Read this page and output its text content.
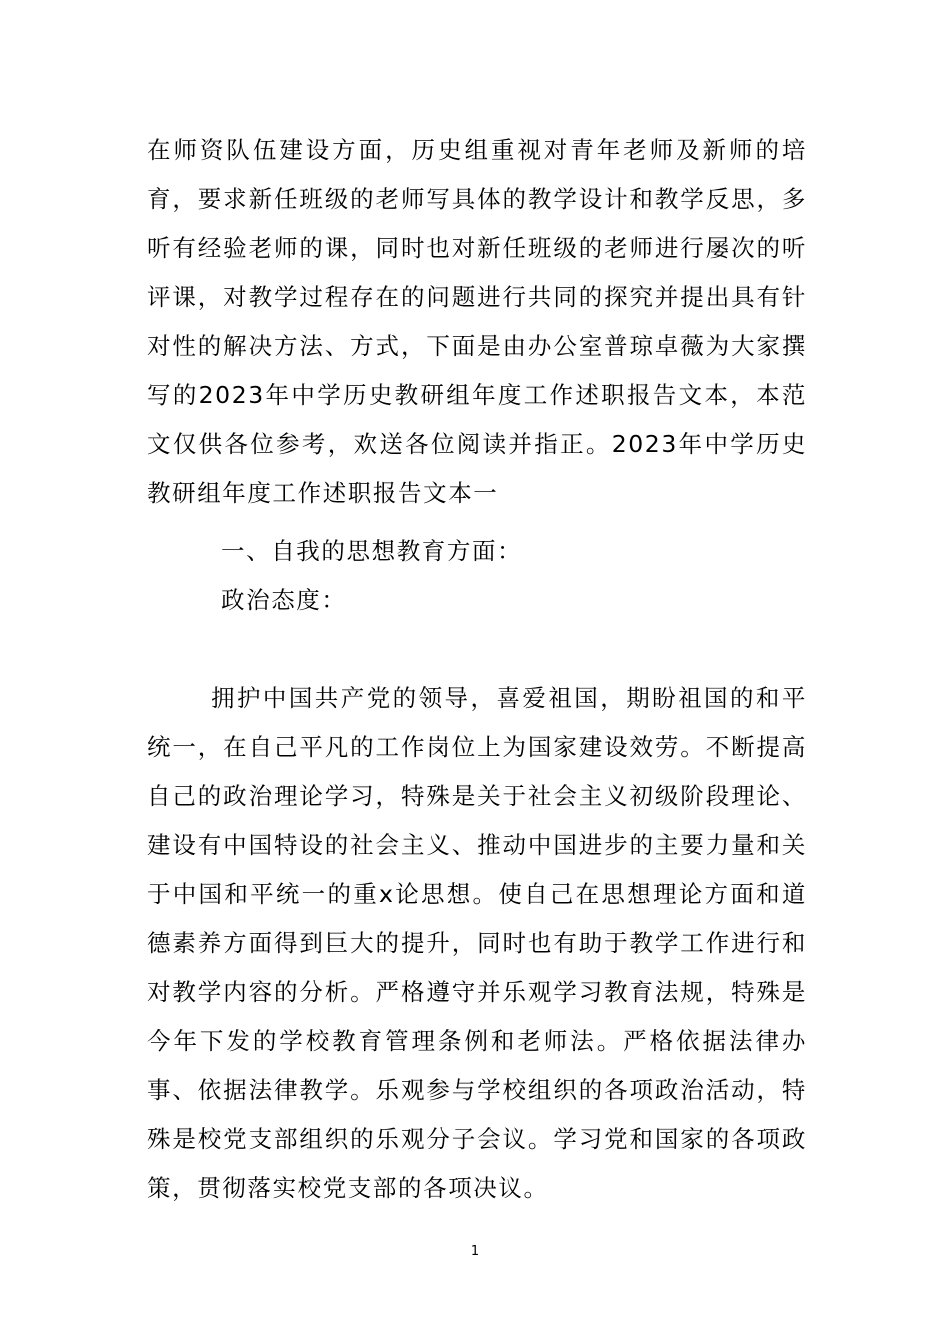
在师资队伍建设方面，历史组重视对青年老师及新师的培育，要求新任班级的老师写具体的教学设计和教学反思，多听有经验老师的课，同时也对新任班级的老师进行屡次的听评课，对教学过程存在的问题进行共同的探究并提出具有针对性的解决方法、方式，下面是由办公室普琼卓薇为大家撰写的2023年中学历史教研组年度工作述职报告文本，本范文仅供各位参考，欢送各位阅读并指正。2023年中学历史教研组年度工作述职报告文本一

一、自我的思想教育方面：

政治态度：

拥护中国共产党的领导，喜爱祖国，期盼祖国的和平统一，在自己平凡的工作岗位上为国家建设效劳。不断提高自己的政治理论学习，特殊是关于社会主义初级阶段理论、建设有中国特设的社会主义、推动中国进步的主要力量和关于中国和平统一的重x论思想。使自己在思想理论方面和道德素养方面得到巨大的提升，同时也有助于教学工作进行和对教学内容的分析。严格遵守并乐观学习教育法规，特殊是今年下发的学校教育管理条例和老师法。严格依据法律办事、依据法律教学。乐观参与学校组织的各项政治活动，特殊是校党支部组织的乐观分子会议。学习党和国家的各项政策，贯彻落实校党支部的各项决议。

1
